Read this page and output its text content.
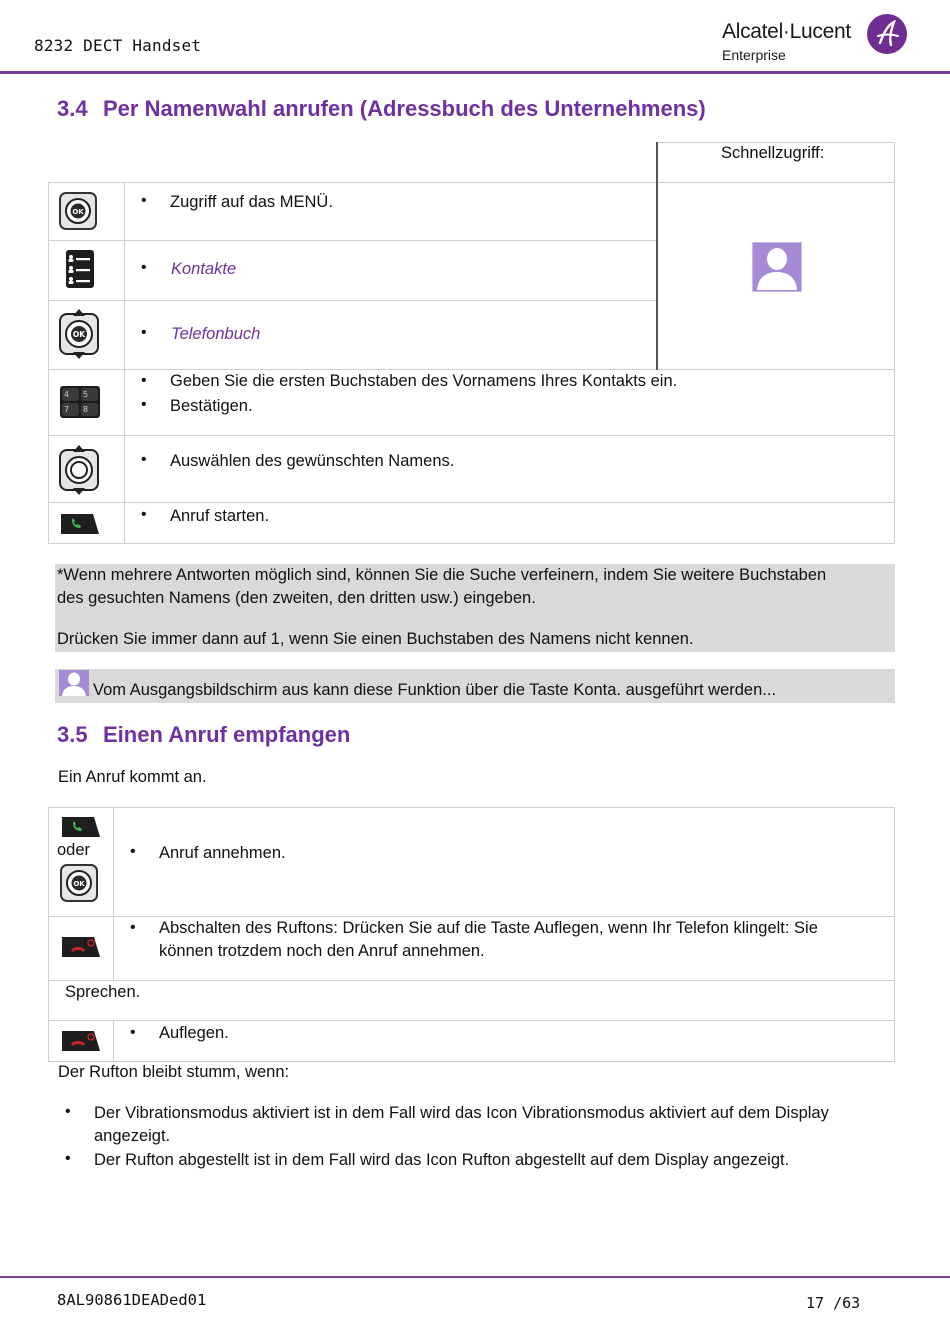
8232 DECT Handset
Alcatel·Lucent
Enterprise
3.4 Per Namenwahl anrufen (Adressbuch des Unternehmens)
Schnellzugriff:
OK
• Zugriff auf das MENÜ.
• Kontakte
OK	• Telefonbuch
4 5
7 8
• Geben Sie die ersten Buchstaben des Vornamens Ihres Kontakts ein.
• Bestätigen.
• Auswählen des gewünschten Namens.
• Anruf starten.
*Wenn mehrere Antworten möglich sind, können Sie die Suche verfeinern, indem Sie weitere Buchstaben
des gesuchten Namens (den zweiten, den dritten usw.) eingeben.
Drücken Sie immer dann auf 1, wenn Sie einen Buchstaben des Namens nicht kennen.
Vom Ausgangsbildschirm aus kann diese Funktion über die Taste Konta. ausgeführt werden...
3.5 Einen Anruf empfangen
Ein Anruf kommt an.
oder
OK
• Anruf annehmen.
• Abschalten des Ruftons: Drücken Sie auf die Taste Auflegen, wenn Ihr Telefon klingelt: Sie
können trotzdem noch den Anruf annehmen.
Sprechen.
• Auflegen.
Der Rufton bleibt stumm, wenn:
• Der Vibrationsmodus aktiviert ist in dem Fall wird das Icon Vibrationsmodus aktiviert auf dem Display
angezeigt.
• Der Rufton abgestellt ist in dem Fall wird das Icon Rufton abgestellt auf dem Display angezeigt.
8AL90861DEADed01	17 /63
